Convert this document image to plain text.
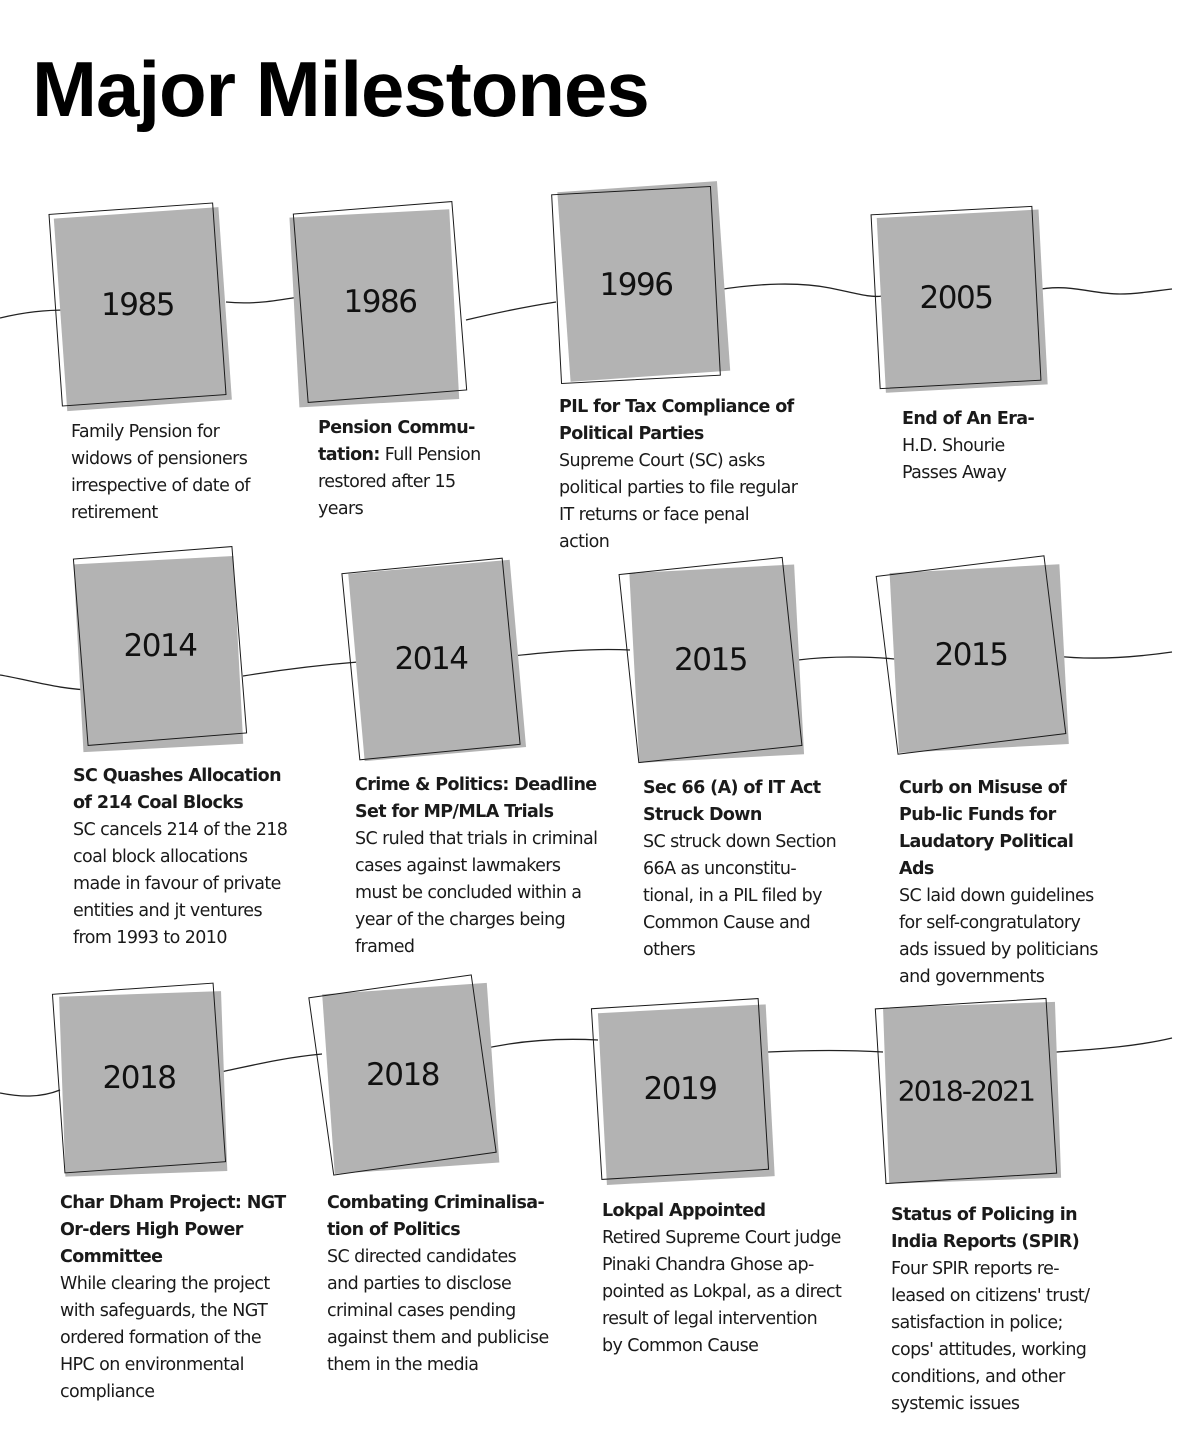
Major Milestones
1985	1986	1996	2005

Family Pension for widows of pensioners irrespective of date of retirement

Pension Commu-tation: Full Pension restored after 15 years

PIL for Tax Compliance of Political Parties
Supreme Court (SC) asks political parties to file regular IT returns or face penal action

End of An Era-
H.D. Shourie Passes Away

2014	2014	2015	2015

SC Quashes Allocation of 214 Coal Blocks
SC cancels 214 of the 218 coal block allocations made in favour of private entities and jt ventures from 1993 to 2010

Crime & Politics: Deadline Set for MP/MLA Trials
SC ruled that trials in criminal cases against lawmakers must be concluded within a year of the charges being framed

Sec 66 (A) of IT Act Struck Down
SC struck down Section 66A as unconstitu-tional, in a PIL filed by Common Cause and others

Curb on Misuse of Pub-lic Funds for Laudatory Political Ads
SC laid down guidelines for self-congratulatory ads issued by politicians and governments

2018	2018	2019	2018-2021

Char Dham Project: NGT Or-ders High Power Committee
While clearing the project with safeguards, the NGT ordered formation of the HPC on environmental compliance

Combating Criminalisa-tion of Politics
SC directed candidates and parties to disclose criminal cases pending against them and publicise them in the media

Lokpal Appointed
Retired Supreme Court judge Pinaki Chandra Ghose ap-pointed as Lokpal, as a direct result of legal intervention by Common Cause

Status of Policing in India Reports (SPIR)
Four SPIR reports re-leased on citizens' trust/ satisfaction in police; cops' attitudes, working conditions, and other systemic issues
